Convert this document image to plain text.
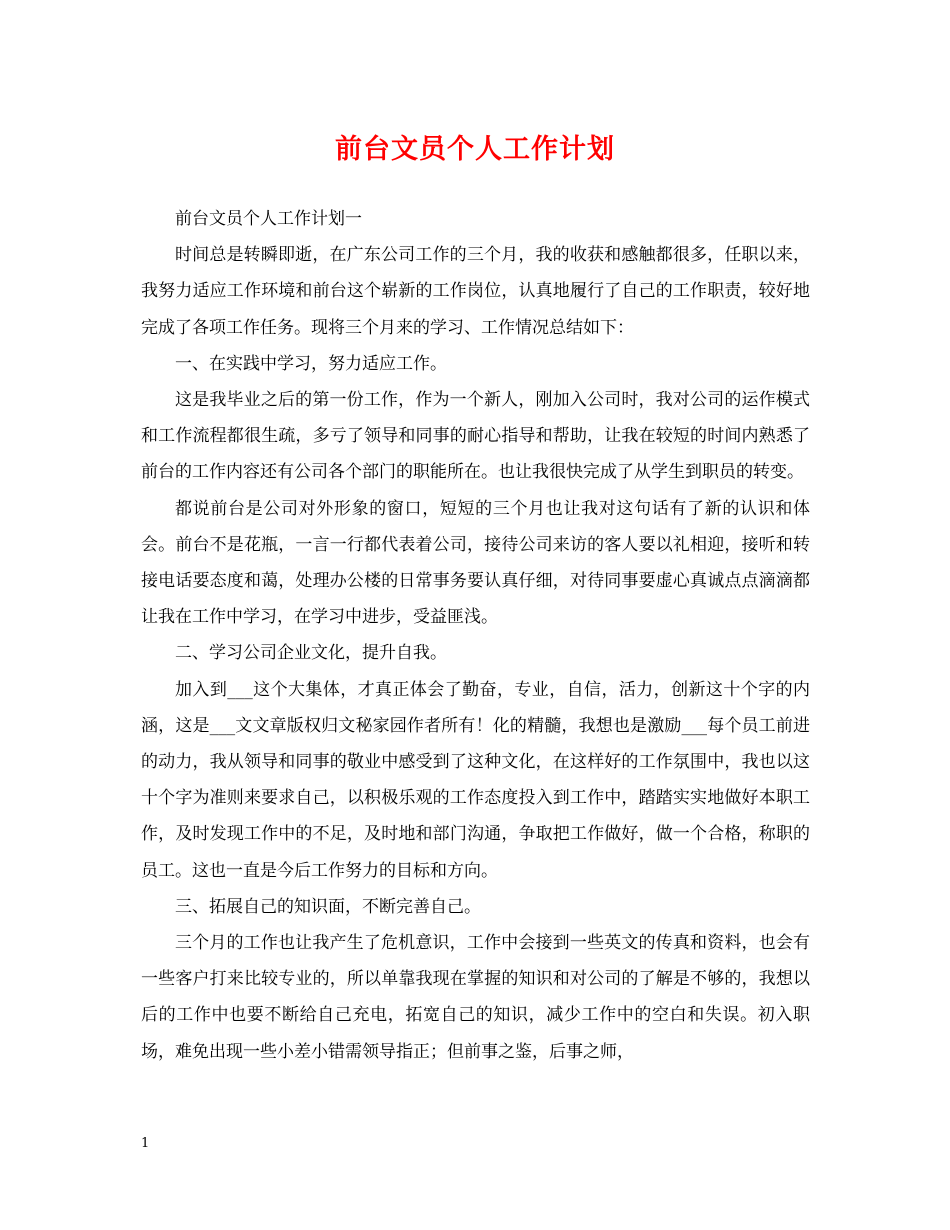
前台文员个人工作计划

前台文员个人工作计划一

时间总是转瞬即逝，在广东公司工作的三个月，我的收获和感触都很多，任职以来，我努力适应工作环境和前台这个崭新的工作岗位，认真地履行了自己的工作职责，较好地完成了各项工作任务。现将三个月来的学习、工作情况总结如下：

一、在实践中学习，努力适应工作。

这是我毕业之后的第一份工作，作为一个新人，刚加入公司时，我对公司的运作模式和工作流程都很生疏，多亏了领导和同事的耐心指导和帮助，让我在较短的时间内熟悉了前台的工作内容还有公司各个部门的职能所在。也让我很快完成了从学生到职员的转变。

都说前台是公司对外形象的窗口，短短的三个月也让我对这句话有了新的认识和体会。前台不是花瓶，一言一行都代表着公司，接待公司来访的客人要以礼相迎，接听和转接电话要态度和蔼，处理办公楼的日常事务要认真仔细，对待同事要虚心真诚点点滴滴都让我在工作中学习，在学习中进步，受益匪浅。

二、学习公司企业文化，提升自我。

加入到___这个大集体，才真正体会了勤奋，专业，自信，活力，创新这十个字的内涵，这是___文文章版权归文秘家园作者所有！化的精髓，我想也是激励___每个员工前进的动力，我从领导和同事的敬业中感受到了这种文化，在这样好的工作氛围中，我也以这十个字为准则来要求自己，以积极乐观的工作态度投入到工作中，踏踏实实地做好本职工作，及时发现工作中的不足，及时地和部门沟通，争取把工作做好，做一个合格，称职的员工。这也一直是今后工作努力的目标和方向。

三、拓展自己的知识面，不断完善自己。

三个月的工作也让我产生了危机意识，工作中会接到一些英文的传真和资料，也会有一些客户打来比较专业的，所以单靠我现在掌握的知识和对公司的了解是不够的，我想以后的工作中也要不断给自己充电，拓宽自己的知识，减少工作中的空白和失误。初入职场，难免出现一些小差小错需领导指正；但前事之鉴，后事之师，

1
